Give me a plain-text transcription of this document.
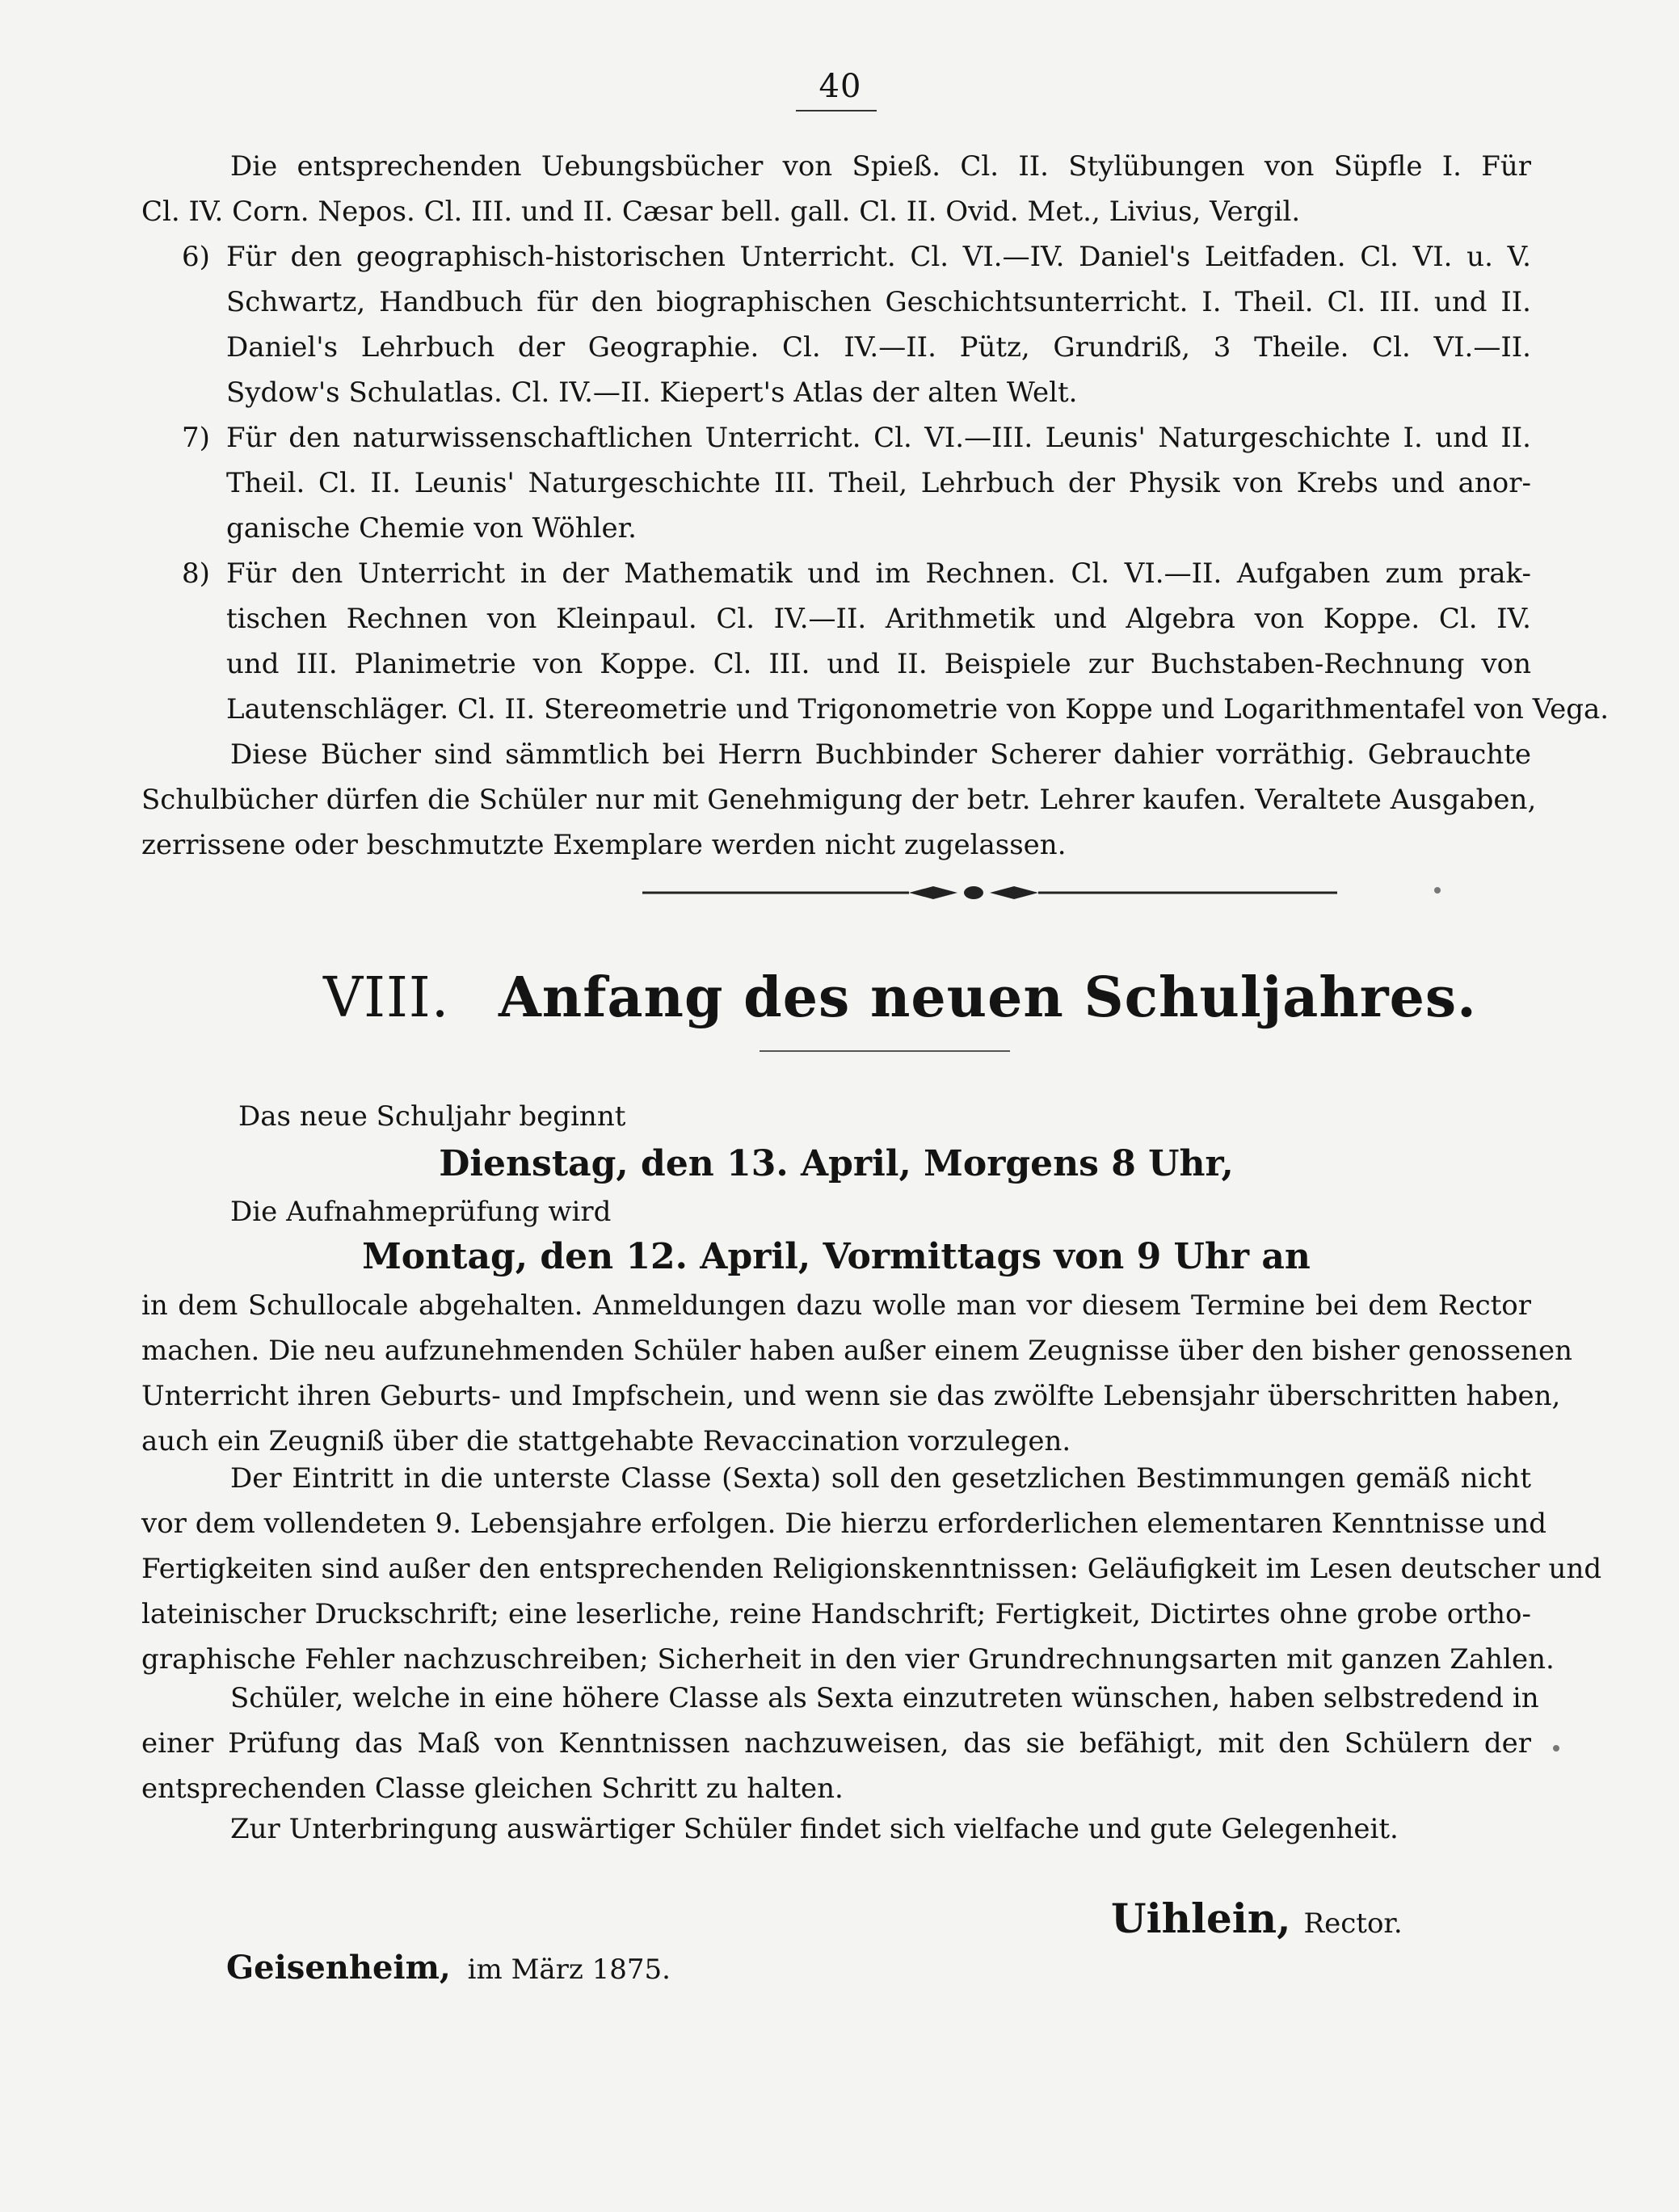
40
Die entsprechenden Uebungsbücher von Spieß. Cl. II. Stylübungen von Süpfle I. Für
Cl. IV. Corn. Nepos. Cl. III. und II. Cæsar bell. gall. Cl. II. Ovid. Met., Livius, Vergil.
6) Für den geographisch-historischen Unterricht. Cl. VI.—IV. Daniel's Leitfaden. Cl. VI. u. V.
Schwartz, Handbuch für den biographischen Geschichtsunterricht. I. Theil. Cl. III. und II.
Daniel's Lehrbuch der Geographie. Cl. IV.—II. Pütz, Grundriß, 3 Theile. Cl. VI.—II.
Sydow's Schulatlas. Cl. IV.—II. Kiepert's Atlas der alten Welt.
7) Für den naturwissenschaftlichen Unterricht. Cl. VI.—III. Leunis' Naturgeschichte I. und II.
Theil. Cl. II. Leunis' Naturgeschichte III. Theil, Lehrbuch der Physik von Krebs und anor-
ganische Chemie von Wöhler.
8) Für den Unterricht in der Mathematik und im Rechnen. Cl. VI.—II. Aufgaben zum prak-
tischen Rechnen von Kleinpaul. Cl. IV.—II. Arithmetik und Algebra von Koppe. Cl. IV.
und III. Planimetrie von Koppe. Cl. III. und II. Beispiele zur Buchstaben-Rechnung von
Lautenschläger. Cl. II. Stereometrie und Trigonometrie von Koppe und Logarithmentafel von Vega.
Diese Bücher sind sämmtlich bei Herrn Buchbinder Scherer dahier vorräthig. Gebrauchte
Schulbücher dürfen die Schüler nur mit Genehmigung der betr. Lehrer kaufen. Veraltete Ausgaben,
zerrissene oder beschmutzte Exemplare werden nicht zugelassen.
VIII. Anfang des neuen Schuljahres.
Das neue Schuljahr beginnt
Dienstag, den 13. April, Morgens 8 Uhr,
Die Aufnahmeprüfung wird
Montag, den 12. April, Vormittags von 9 Uhr an
in dem Schullocale abgehalten. Anmeldungen dazu wolle man vor diesem Termine bei dem Rector
machen. Die neu aufzunehmenden Schüler haben außer einem Zeugnisse über den bisher genossenen
Unterricht ihren Geburts- und Impfschein, und wenn sie das zwölfte Lebensjahr überschritten haben,
auch ein Zeugniß über die stattgehabte Revaccination vorzulegen.
Der Eintritt in die unterste Classe (Sexta) soll den gesetzlichen Bestimmungen gemäß nicht
vor dem vollendeten 9. Lebensjahre erfolgen. Die hierzu erforderlichen elementaren Kenntnisse und
Fertigkeiten sind außer den entsprechenden Religionskenntnissen: Geläufigkeit im Lesen deutscher und
lateinischer Druckschrift; eine leserliche, reine Handschrift; Fertigkeit, Dictirtes ohne grobe ortho-
graphische Fehler nachzuschreiben; Sicherheit in den vier Grundrechnungsarten mit ganzen Zahlen.
Schüler, welche in eine höhere Classe als Sexta einzutreten wünschen, haben selbstredend in
einer Prüfung das Maß von Kenntnissen nachzuweisen, das sie befähigt, mit den Schülern der
entsprechenden Classe gleichen Schritt zu halten.
Zur Unterbringung auswärtiger Schüler findet sich vielfache und gute Gelegenheit.
Uihlein, Rector.
Geisenheim, im März 1875.
